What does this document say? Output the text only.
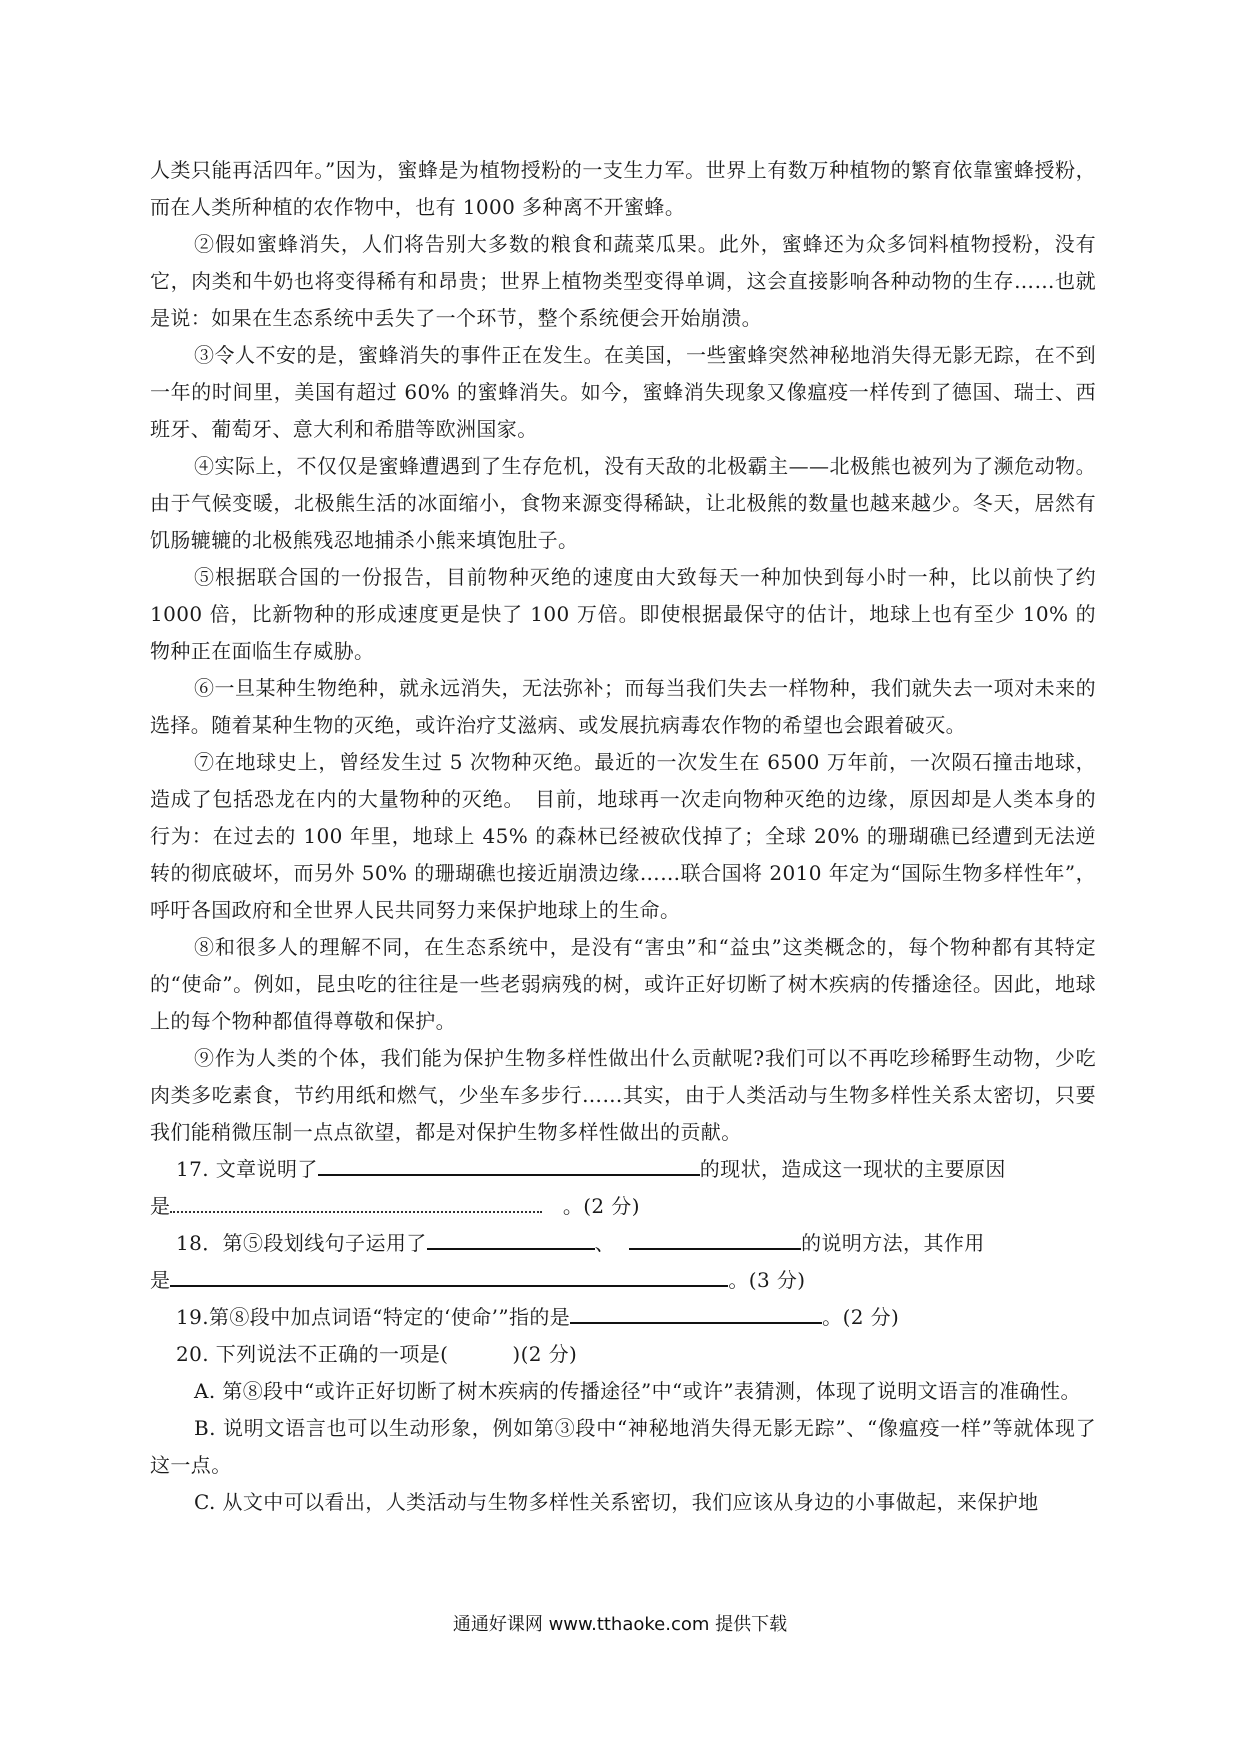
人类只能再活四年。”因为，蜜蜂是为植物授粉的一支生力军。世界上有数万种植物的繁育依靠蜜蜂授粉，而在人类所种植的农作物中，也有 1000 多种离不开蜜蜂。

②假如蜜蜂消失，人们将告别大多数的粮食和蔬菜瓜果。此外，蜜蜂还为众多饲料植物授粉，没有它，肉类和牛奶也将变得稀有和昂贵；世界上植物类型变得单调，这会直接影响各种动物的生存……也就是说：如果在生态系统中丢失了一个环节，整个系统便会开始崩溃。

③令人不安的是，蜜蜂消失的事件正在发生。在美国，一些蜜蜂突然神秘地消失得无影无踪，在不到一年的时间里，美国有超过 60% 的蜜蜂消失。如今，蜜蜂消失现象又像瘟疫一样传到了德国、瑞士、西班牙、葡萄牙、意大利和希腊等欧洲国家。

④实际上，不仅仅是蜜蜂遭遇到了生存危机，没有天敌的北极霸主——北极熊也被列为了濒危动物。由于气候变暖，北极熊生活的冰面缩小，食物来源变得稀缺，让北极熊的数量也越来越少。冬天，居然有饥肠辘辘的北极熊残忍地捕杀小熊来填饱肚子。

⑤根据联合国的一份报告，目前物种灭绝的速度由大致每天一种加快到每小时一种，比以前快了约 1000 倍，比新物种的形成速度更是快了 100 万倍。即使根据最保守的估计，地球上也有至少 10% 的物种正在面临生存威胁。

⑥一旦某种生物绝种，就永远消失，无法弥补；而每当我们失去一样物种，我们就失去一项对未来的选择。随着某种生物的灭绝，或许治疗艾滋病、或发展抗病毒农作物的希望也会跟着破灭。

⑦在地球史上，曾经发生过 5 次物种灭绝。最近的一次发生在 6500 万年前，一次陨石撞击地球，造成了包括恐龙在内的大量物种的灭绝。　目前，地球再一次走向物种灭绝的边缘，原因却是人类本身的行为：在过去的 100 年里，地球上 45% 的森林已经被砍伐掉了；全球 20% 的珊瑚礁已经遭到无法逆转的彻底破坏，而另外 50% 的珊瑚礁也接近崩溃边缘……联合国将 2010 年定为“国际生物多样性年”，呼吁各国政府和全世界人民共同努力来保护地球上的生命。

⑧和很多人的理解不同，在生态系统中，是没有“害虫”和“益虫”这类概念的，每个物种都有其特定的“使命”。例如，昆虫吃的往往是一些老弱病残的树，或许正好切断了树木疾病的传播途径。因此，地球上的每个物种都值得尊敬和保护。

⑨作为人类的个体，我们能为保护生物多样性做出什么贡献呢?我们可以不再吃珍稀野生动物，少吃肉类多吃素食，节约用纸和燃气，少坐车多步行……其实，由于人类活动与生物多样性关系太密切，只要我们能稍微压制一点点欲望，都是对保护生物多样性做出的贡献。

17. 文章说明了	的现状，造成这一现状的主要原因

是　	。(2 分)

18．第⑤段划线句子运用了	、	的说明方法，其作用

是	。(3 分)

19.第⑧段中加点词语“特定的‘使命’”指的是	。(2 分)

20. 下列说法不正确的一项是(	)(2 分)

A. 第⑧段中“或许正好切断了树木疾病的传播途径”中“或许”表猜测，体现了说明文语言的准确性。

B. 说明文语言也可以生动形象，例如第③段中“神秘地消失得无影无踪”、“像瘟疫一样”等就体现了这一点。

C. 从文中可以看出，人类活动与生物多样性关系密切，我们应该从身边的小事做起，来保护地

通通好课网 www.tthaoke.com 提供下载
